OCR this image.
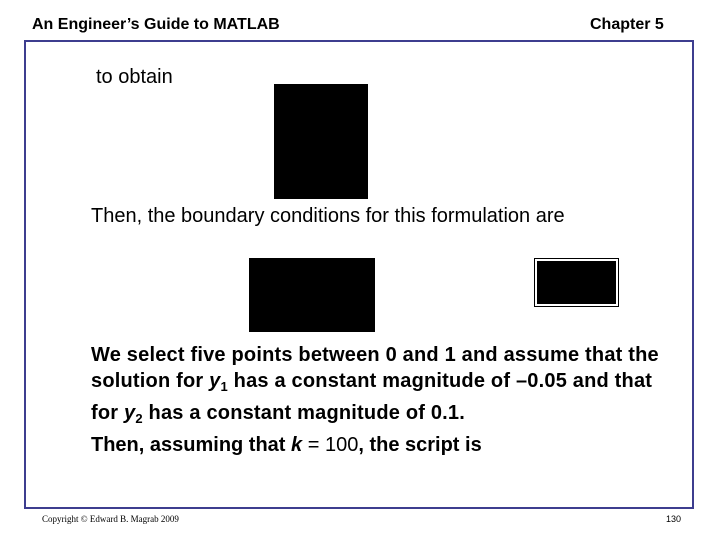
An Engineer’s Guide to MATLAB	Chapter 5
to obtain
Then, the boundary conditions for this formulation are
We select five points between 0 and 1 and assume that the solution for $y_1$ has a constant magnitude of –0.05 and that for $y_2$ has a constant magnitude of 0.1.
Then, assuming that k = 100, the script is
Copyright © Edward B. Magrab 2009	130
